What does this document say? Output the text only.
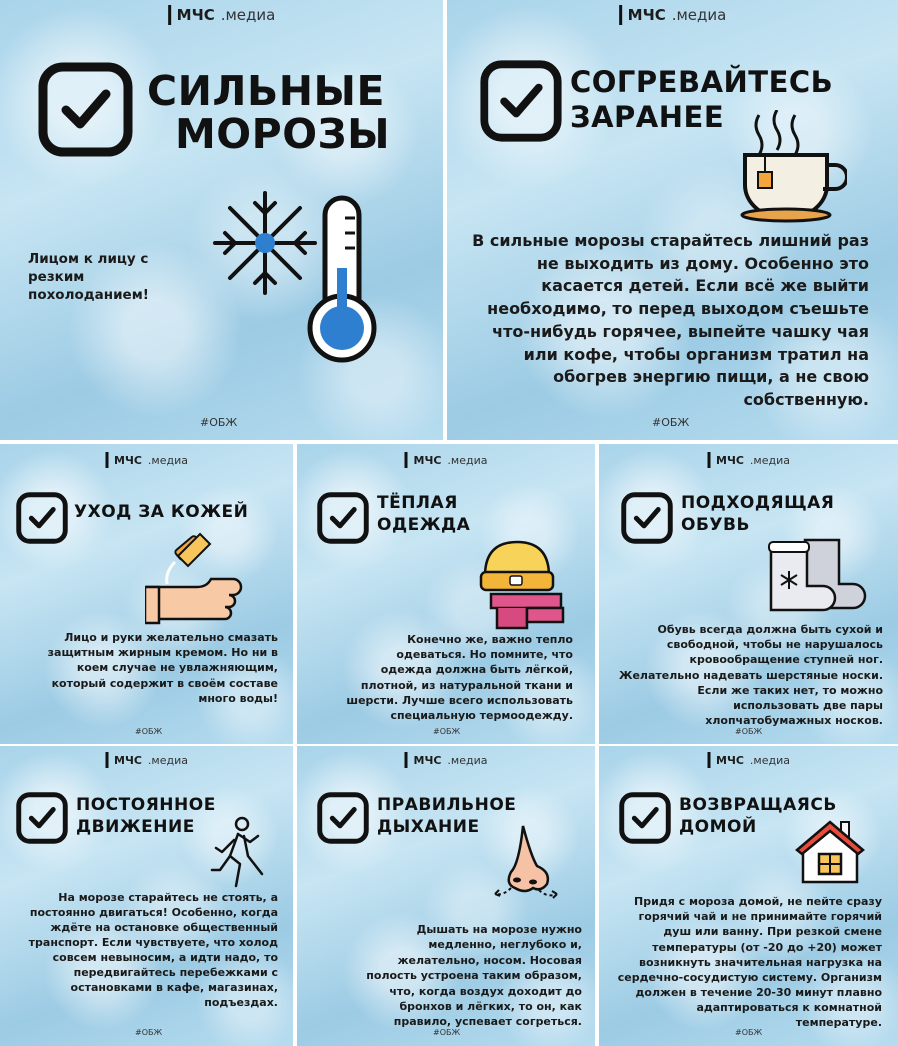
МЧС .медиа
СИЛЬНЫЕ
МОРОЗЫ
Лицом к лицу с резким похолоданием!
#ОБЖ
МЧС .медиа
СОГРЕВАЙТЕСЬ
ЗАРАНЕЕ
В сильные морозы старайтесь лишний раз не выходить из дому. Особенно это касается детей. Если всё же выйти необходимо, то перед выходом съешьте что-нибудь горячее, выпейте чашку чая или кофе, чтобы организм тратил на обогрев энергию пищи, а не свою собственную.
#ОБЖ
МЧС .медиа
УХОД ЗА КОЖЕЙ
Лицо и руки желательно смазать защитным жирным кремом. Но ни в коем случае не увлажняющим, который содержит в своём составе много воды!
#ОБЖ
МЧС .медиа
ТЁПЛАЯ
ОДЕЖДА
Конечно же, важно тепло одеваться. Но помните, что одежда должна быть лёгкой, плотной, из натуральной ткани и шерсти. Лучше всего использовать специальную термоодежду.
#ОБЖ
МЧС .медиа
ПОДХОДЯЩАЯ
ОБУВЬ
Обувь всегда должна быть сухой и свободной, чтобы не нарушалось кровообращение ступней ног. Желательно надевать шерстяные носки. Если же таких нет, то можно использовать две пары хлопчатобумажных носков.
#ОБЖ
МЧС .медиа
ПОСТОЯННОЕ
ДВИЖЕНИЕ
На морозе старайтесь не стоять, а постоянно двигаться! Особенно, когда ждёте на остановке общественный транспорт. Если чувствуете, что холод совсем невыносим, а идти надо, то передвигайтесь перебежками с остановками в кафе, магазинах, подъездах.
#ОБЖ
МЧС .медиа
ПРАВИЛЬНОЕ
ДЫХАНИЕ
Дышать на морозе нужно медленно, неглубоко и, желательно, носом. Носовая полость устроена таким образом, что, когда воздух доходит до бронхов и лёгких, то он, как правило, успевает согреться.
#ОБЖ
МЧС .медиа
ВОЗВРАЩАЯСЬ
ДОМОЙ
Придя с мороза домой, не пейте сразу горячий чай и не принимайте горячий душ или ванну. При резкой смене температуры (от -20 до +20) может возникнуть значительная нагрузка на сердечно-сосудистую систему. Организм должен в течение 20-30 минут плавно адаптироваться к комнатной температуре.
#ОБЖ
